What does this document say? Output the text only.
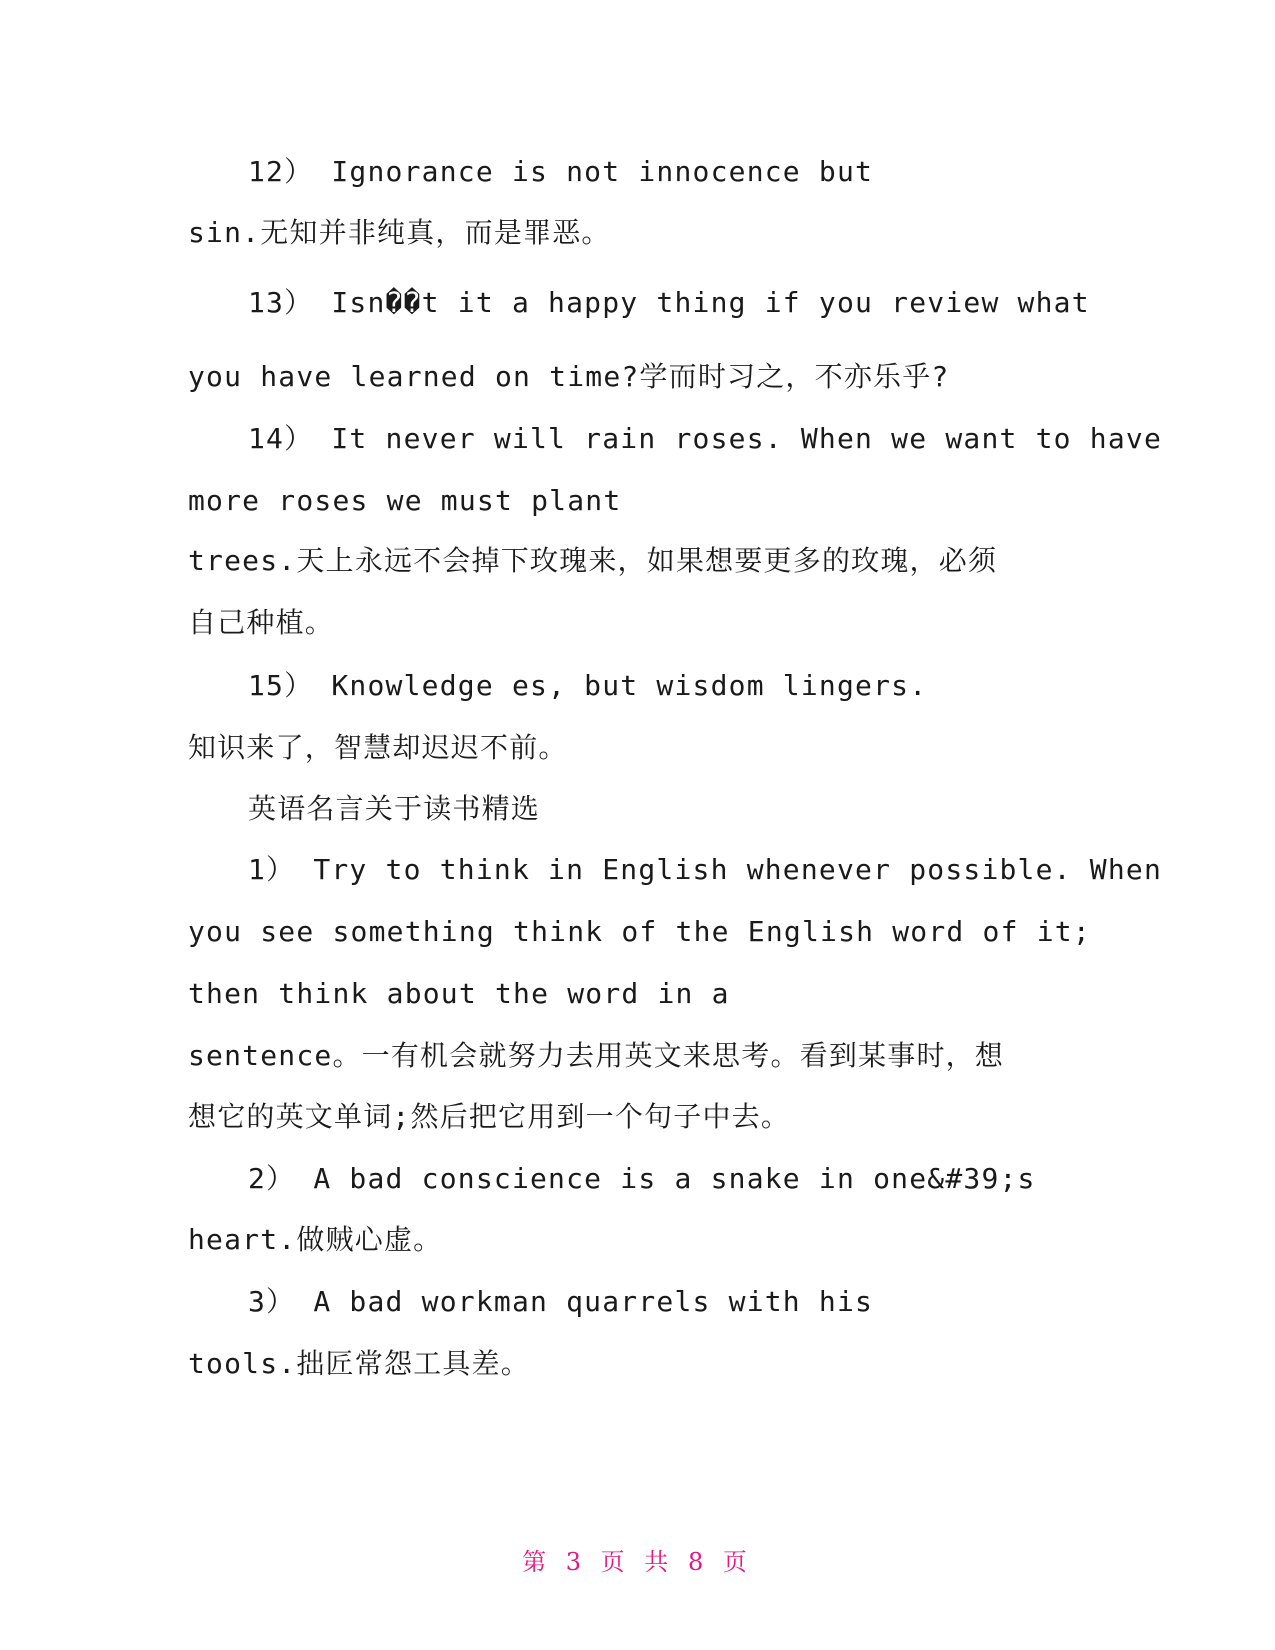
12） Ignorance is not innocence but
sin.无知并非纯真，而是罪恶。
13） Isn��t it a happy thing if you review what
you have learned on time?学而时习之，不亦乐乎?
14） It never will rain roses. When we want to have
more roses we must plant
trees.天上永远不会掉下玫瑰来，如果想要更多的玫瑰，必须
自己种植。
15） Knowledge es, but wisdom lingers.
知识来了，智慧却迟迟不前。
英语名言关于读书精选
1） Try to think in English whenever possible. When
you see something think of the English word of it;
then think about the word in a
sentence。一有机会就努力去用英文来思考。看到某事时，想
想它的英文单词;然后把它用到一个句子中去。
2） A bad conscience is a snake in one&#39;s
heart.做贼心虚。
3） A bad workman quarrels with his
tools.拙匠常怨工具差。
第 3 页 共 8 页
